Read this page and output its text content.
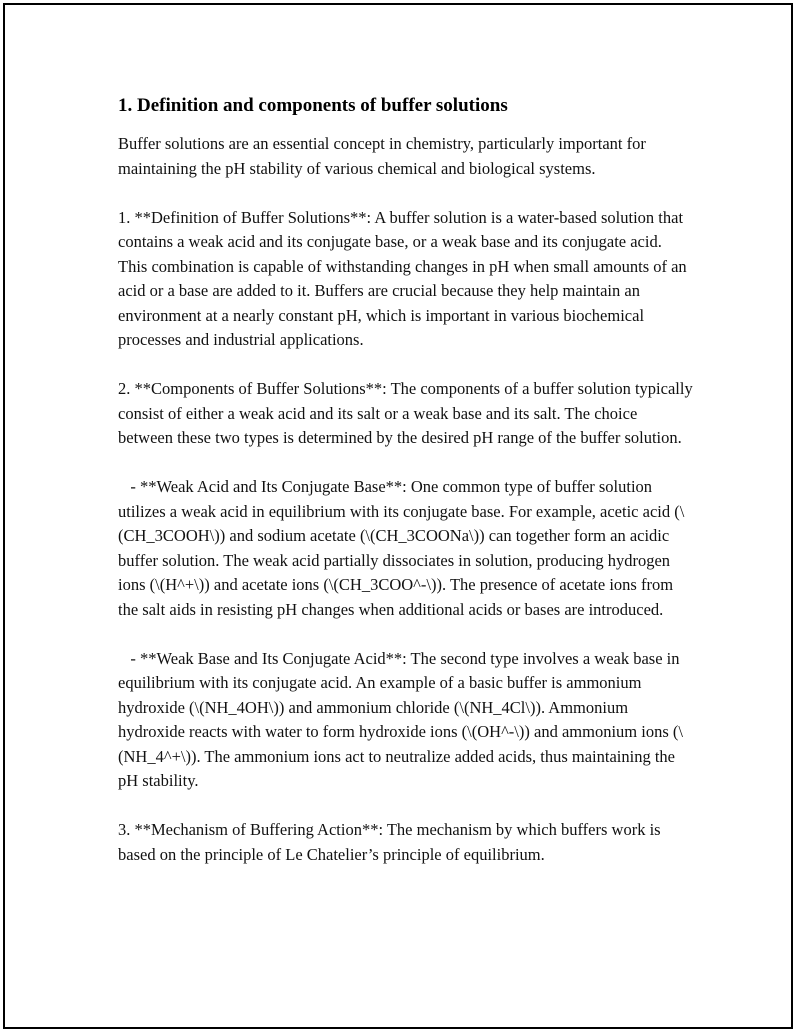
1. Definition and components of buffer solutions

Buffer solutions are an essential concept in chemistry, particularly important for maintaining the pH stability of various chemical and biological systems.

1. **Definition of Buffer Solutions**: A buffer solution is a water-based solution that contains a weak acid and its conjugate base, or a weak base and its conjugate acid. This combination is capable of withstanding changes in pH when small amounts of an acid or a base are added to it. Buffers are crucial because they help maintain an environment at a nearly constant pH, which is important in various biochemical processes and industrial applications.

2. **Components of Buffer Solutions**: The components of a buffer solution typically consist of either a weak acid and its salt or a weak base and its salt. The choice between these two types is determined by the desired pH range of the buffer solution.

- **Weak Acid and Its Conjugate Base**: One common type of buffer solution utilizes a weak acid in equilibrium with its conjugate base. For example, acetic acid (\(CH_3COOH\)) and sodium acetate (\(CH_3COONa\)) can together form an acidic buffer solution. The weak acid partially dissociates in solution, producing hydrogen ions (\(H^+\)) and acetate ions (\(CH_3COO^-\)). The presence of acetate ions from the salt aids in resisting pH changes when additional acids or bases are introduced.

- **Weak Base and Its Conjugate Acid**: The second type involves a weak base in equilibrium with its conjugate acid. An example of a basic buffer is ammonium hydroxide (\(NH_4OH\)) and ammonium chloride (\(NH_4Cl\)). Ammonium hydroxide reacts with water to form hydroxide ions (\(OH^-\)) and ammonium ions (\(NH_4^+\)). The ammonium ions act to neutralize added acids, thus maintaining the pH stability.

3. **Mechanism of Buffering Action**: The mechanism by which buffers work is based on the principle of Le Chatelier’s principle of equilibrium.
